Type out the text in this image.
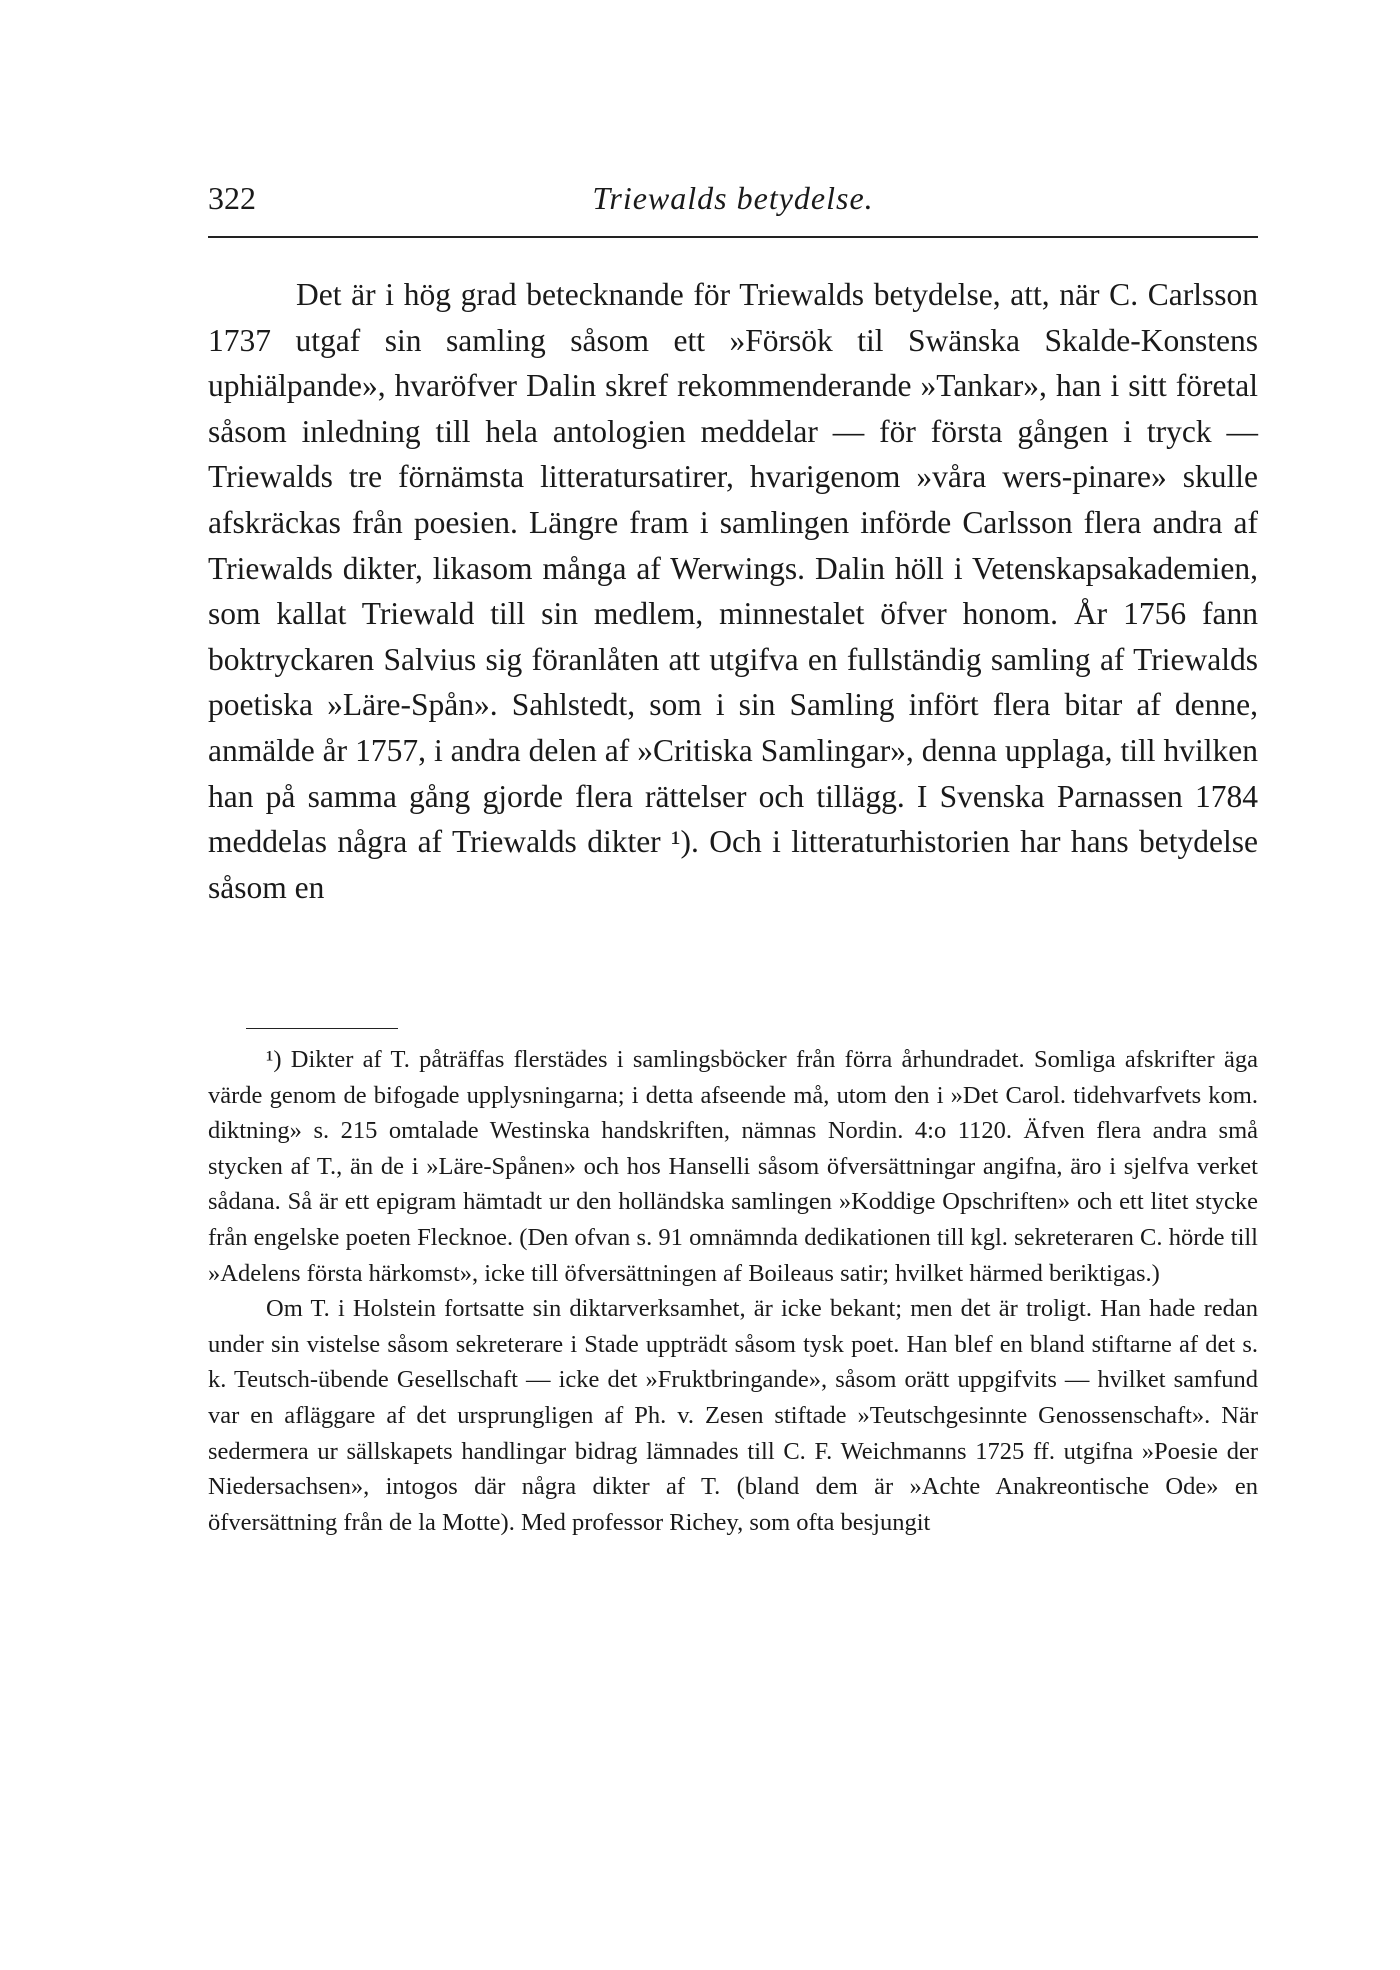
322	Triewalds betydelse.

Det är i hög grad betecknande för Triewalds betydelse, att, när C. Carlsson 1737 utgaf sin samling såsom ett »Försök til Swänska Skalde-Konstens uphiälpande», hvaröfver Dalin skref rekommenderande »Tankar», han i sitt företal såsom inledning till hela antologien meddelar — för första gången i tryck — Triewalds tre förnämsta litteratursatirer, hvarigenom »våra wers-pinare» skulle afskräckas från poesien. Längre fram i samlingen införde Carlsson flera andra af Triewalds dikter, likasom många af Werwings. Dalin höll i Vetenskapsakademien, som kallat Triewald till sin medlem, minnestalet öfver honom. År 1756 fann boktryckaren Salvius sig föranlåten att utgifva en fullständig samling af Triewalds poetiska »Läre-Spån». Sahlstedt, som i sin Samling infört flera bitar af denne, anmälde år 1757, i andra delen af »Critiska Samlingar», denna upplaga, till hvilken han på samma gång gjorde flera rättelser och tillägg. I Svenska Parnassen 1784 meddelas några af Triewalds dikter ¹). Och i litteraturhistorien har hans betydelse såsom en

¹) Dikter af T. påträffas flerstädes i samlingsböcker från förra århundradet. Somliga afskrifter äga värde genom de bifogade upplysningarna; i detta afseende må, utom den i »Det Carol. tidehvarfvets kom. diktning» s. 215 omtalade Westinska handskriften, nämnas Nordin. 4:o 1120. Äfven flera andra små stycken af T., än de i »Läre-Spånen» och hos Hanselli såsom öfversättningar angifna, äro i sjelfva verket sådana. Så är ett epigram hämtadt ur den holländska samlingen »Koddige Opschriften» och ett litet stycke från engelske poeten Flecknoe. (Den ofvan s. 91 omnämnda dedikationen till kgl. sekreteraren C. hörde till »Adelens första härkomst», icke till öfversättningen af Boileaus satir; hvilket härmed beriktigas.)

Om T. i Holstein fortsatte sin diktarverksamhet, är icke bekant; men det är troligt. Han hade redan under sin vistelse såsom sekreterare i Stade uppträdt såsom tysk poet. Han blef en bland stiftarne af det s. k. Teutsch-übende Gesellschaft — icke det »Fruktbringande», såsom orätt uppgifvits — hvilket samfund var en afläggare af det ursprungligen af Ph. v. Zesen stiftade »Teutschgesinnte Genossenschaft». När sedermera ur sällskapets handlingar bidrag lämnades till C. F. Weichmanns 1725 ff. utgifna »Poesie der Niedersachsen», intogos där några dikter af T. (bland dem är »Achte Anakreontische Ode» en öfversättning från de la Motte). Med professor Richey, som ofta besjungit
